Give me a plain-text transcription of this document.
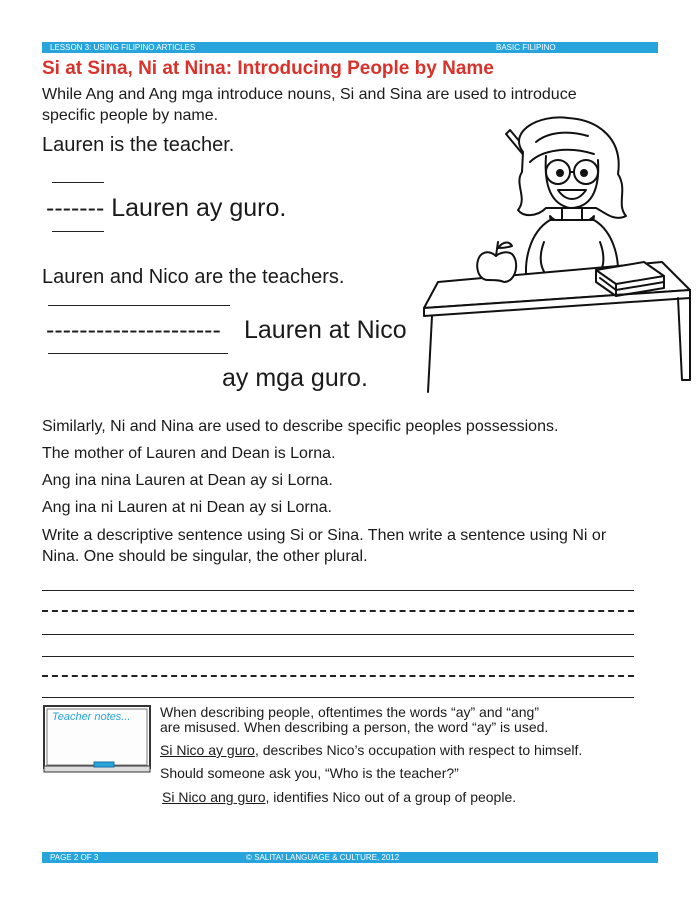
LESSON 3: USING FILIPINO ARTICLES	BASIC FILIPINO
Si at Sina, Ni at Nina: Introducing People by Name
While Ang and Ang mga introduce nouns, Si and Sina are used to introduce
specific people by name.
Lauren is the teacher.
------- Lauren ay guro.
Lauren and Nico are the teachers.
--------------------- Lauren at Nico
ay mga guro.
Similarly, Ni and Nina are used to describe specific peoples possessions.
The mother of Lauren and Dean is Lorna.
Ang ina nina Lauren at Dean ay si Lorna.
Ang ina ni Lauren at ni Dean ay si Lorna.
Write a descriptive sentence using Si or Sina. Then write a sentence using Ni or
Nina. One should be singular, the other plural.
Teacher notes... When describing people, oftentimes the words “ay” and “ang”
are misused. When describing a person, the word “ay” is used.
Si Nico ay guro, describes Nico’s occupation with respect to himself.
Should someone ask you, “Who is the teacher?”
Si Nico ang guro, identifies Nico out of a group of people.
PAGE 2 OF 3	© SALITA! LANGUAGE & CULTURE, 2012
